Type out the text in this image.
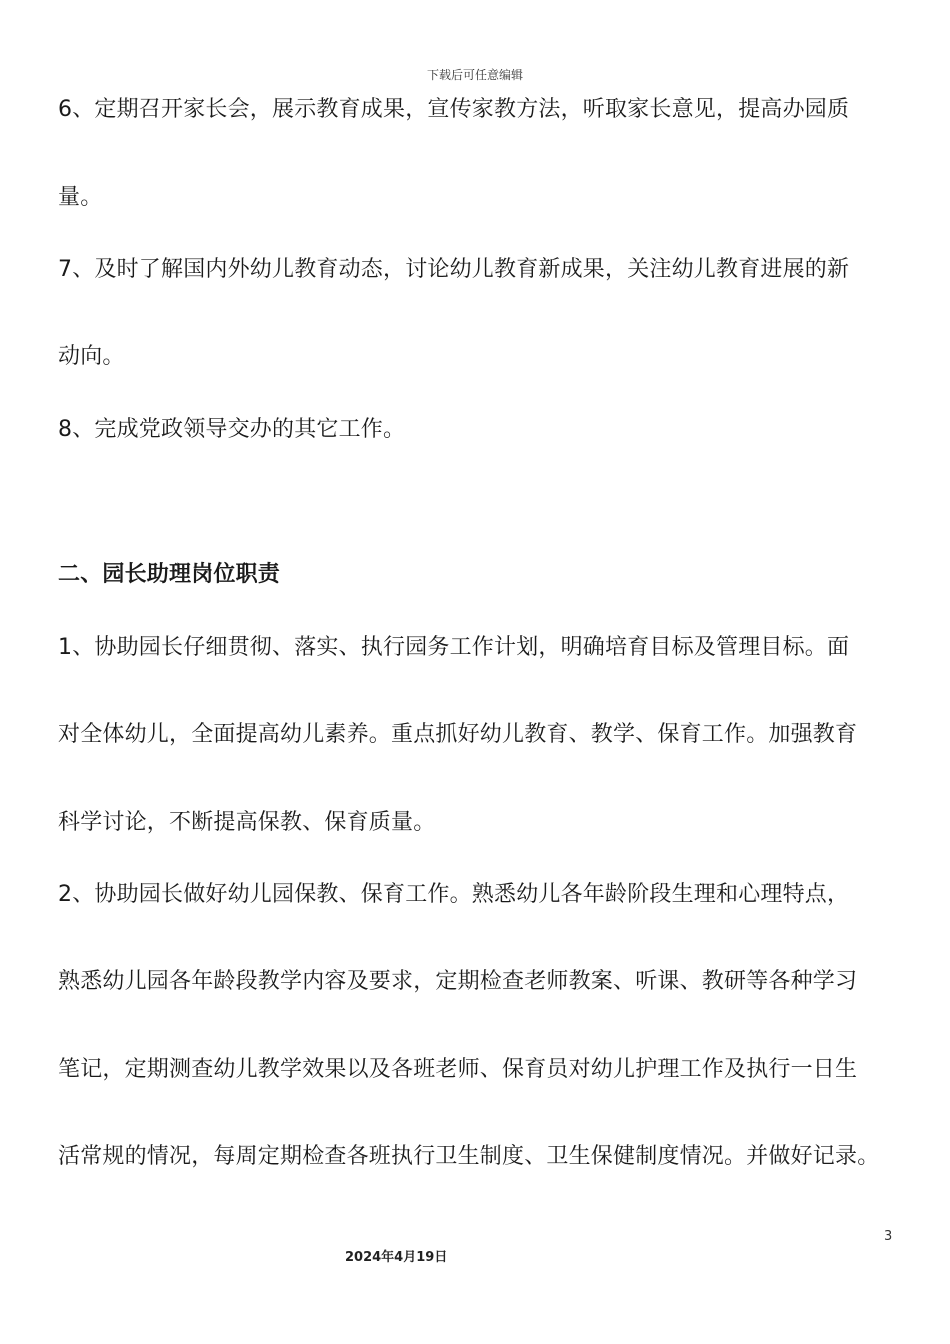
下载后可任意编辑
6、定期召开家长会，展示教育成果，宣传家教方法，听取家长意见，提高办园质
量。
7、及时了解国内外幼儿教育动态，讨论幼儿教育新成果，关注幼儿教育进展的新
动向。
8、完成党政领导交办的其它工作。
二、园长助理岗位职责
1、协助园长仔细贯彻、落实、执行园务工作计划，明确培育目标及管理目标。面
对全体幼儿，全面提高幼儿素养。重点抓好幼儿教育、教学、保育工作。加强教育
科学讨论，不断提高保教、保育质量。
2、协助园长做好幼儿园保教、保育工作。熟悉幼儿各年龄阶段生理和心理特点，
熟悉幼儿园各年龄段教学内容及要求，定期检查老师教案、听课、教研等各种学习
笔记，定期测查幼儿教学效果以及各班老师、保育员对幼儿护理工作及执行一日生
活常规的情况，每周定期检查各班执行卫生制度、卫生保健制度情况。并做好记录。
3
2024年4月19日
